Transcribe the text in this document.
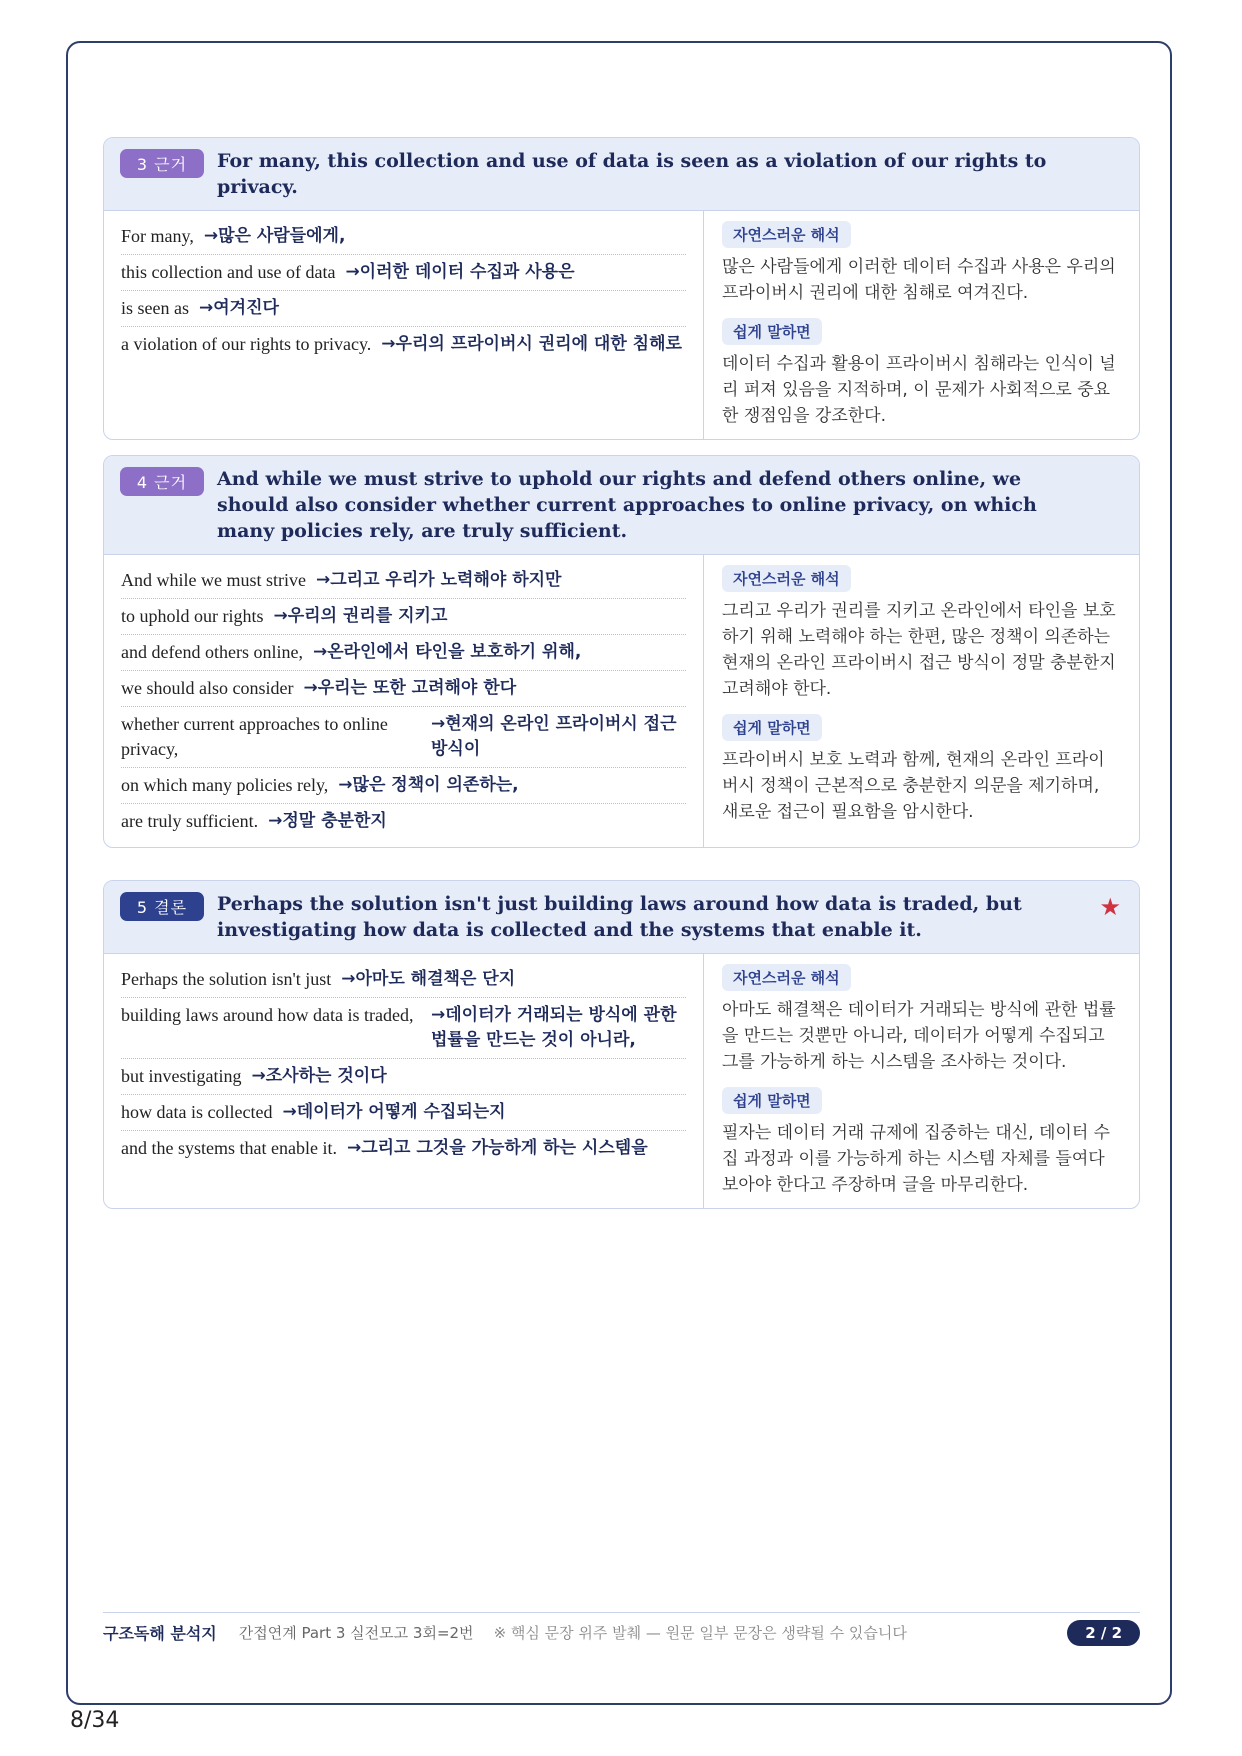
3 근거	For many, this collection and use of data is seen as a violation of our rights to privacy.
For many, →많은 사람들에게,
this collection and use of data →이러한 데이터 수집과 사용은
is seen as →여겨진다
a violation of our rights to privacy. →우리의 프라이버시 권리에 대한 침해로
자연스러운 해석

많은 사람들에게 이러한 데이터 수집과 사용은 우리의 프라이버시 권리에 대한 침해로 여겨진다.

쉽게 말하면

데이터 수집과 활용이 프라이버시 침해라는 인식이 널리 퍼져 있음을 지적하며, 이 문제가 사회적으로 중요한 쟁점임을 강조한다.

4 근거	And while we must strive to uphold our rights and defend others online, we should also consider whether current approaches to online privacy, on which many policies rely, are truly sufficient.
And while we must strive →그리고 우리가 노력해야 하지만
to uphold our rights →우리의 권리를 지키고
and defend others online, →온라인에서 타인을 보호하기 위해,
we should also consider →우리는 또한 고려해야 한다
whether current approaches to online privacy,
→현재의 온라인 프라이버시 접근 방식이
on which many policies rely, →많은 정책이 의존하는,
are truly sufficient. →정말 충분한지
자연스러운 해석

그리고 우리가 권리를 지키고 온라인에서 타인을 보호하기 위해 노력해야 하는 한편, 많은 정책이 의존하는 현재의 온라인 프라이버시 접근 방식이 정말 충분한지 고려해야 한다.

쉽게 말하면

프라이버시 보호 노력과 함께, 현재의 온라인 프라이버시 정책이 근본적으로 충분한지 의문을 제기하며, 새로운 접근이 필요함을 암시한다.

5 결론	Perhaps the solution isn't just building laws around how data is traded, but investigating how data is collected and the systems that enable it.
★
Perhaps the solution isn't just →아마도 해결책은 단지
building laws around how data is traded,	→데이터가 거래되는 방식에 관한 법률을 만드는 것이 아니라,
but investigating →조사하는 것이다
how data is collected →데이터가 어떻게 수집되는지
and the systems that enable it. →그리고 그것을 가능하게 하는 시스템을
자연스러운 해석

아마도 해결책은 데이터가 거래되는 방식에 관한 법률을 만드는 것뿐만 아니라, 데이터가 어떻게 수집되고 그를 가능하게 하는 시스템을 조사하는 것이다.

쉽게 말하면

필자는 데이터 거래 규제에 집중하는 대신, 데이터 수집 과정과 이를 가능하게 하는 시스템 자체를 들여다보아야 한다고 주장하며 글을 마무리한다.

구조독해 분석지 간접연계 Part 3 실전모고 3회=2번 ※ 핵심 문장 위주 발췌 — 원문 일부 문장은 생략될 수 있습니다	2 / 2
8/34
